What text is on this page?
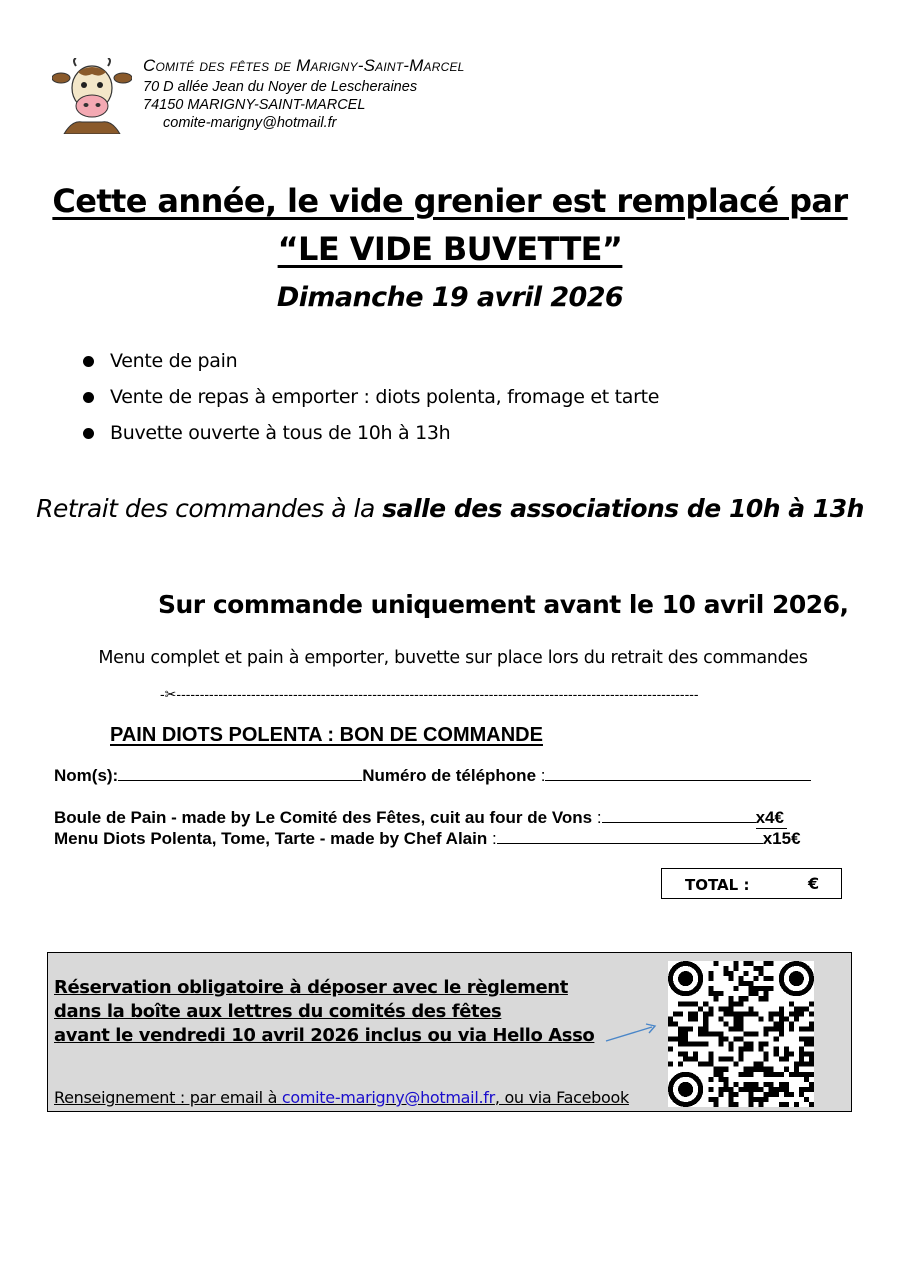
Comité des fêtes de Marigny-Saint-Marcel
70 D allée Jean du Noyer de Lescheraines
74150 MARIGNY-SAINT-MARCEL
comite-marigny@hotmail.fr
Cette année, le vide grenier est remplacé par
“LE VIDE BUVETTE”
Dimanche 19 avril 2026
Vente de pain
Vente de repas à emporter : diots polenta, fromage et tarte
Buvette ouverte à tous de 10h à 13h
Retrait des commandes à la salle des associations de 10h à 13h
Sur commande uniquement avant le 10 avril 2026,
Menu complet et pain à emporter, buvette sur place lors du retrait des commandes
-✂----------------------------------------------------------------------------------------------------------------
PAIN DIOTS POLENTA : BON DE COMMANDE
Nom(s):	Numéro de téléphone :
Boule de Pain - made by Le Comité des Fêtes, cuit au four de Vons :	x4€
Menu Diots Polenta, Tome, Tarte - made by Chef Alain :	x15€
TOTAL :	€
Réservation obligatoire à déposer avec le règlement
dans la boîte aux lettres du comités des fêtes
avant le vendredi 10 avril 2026 inclus ou via Hello Asso
Renseignement : par email à comite-marigny@hotmail.fr, ou via Facebook
